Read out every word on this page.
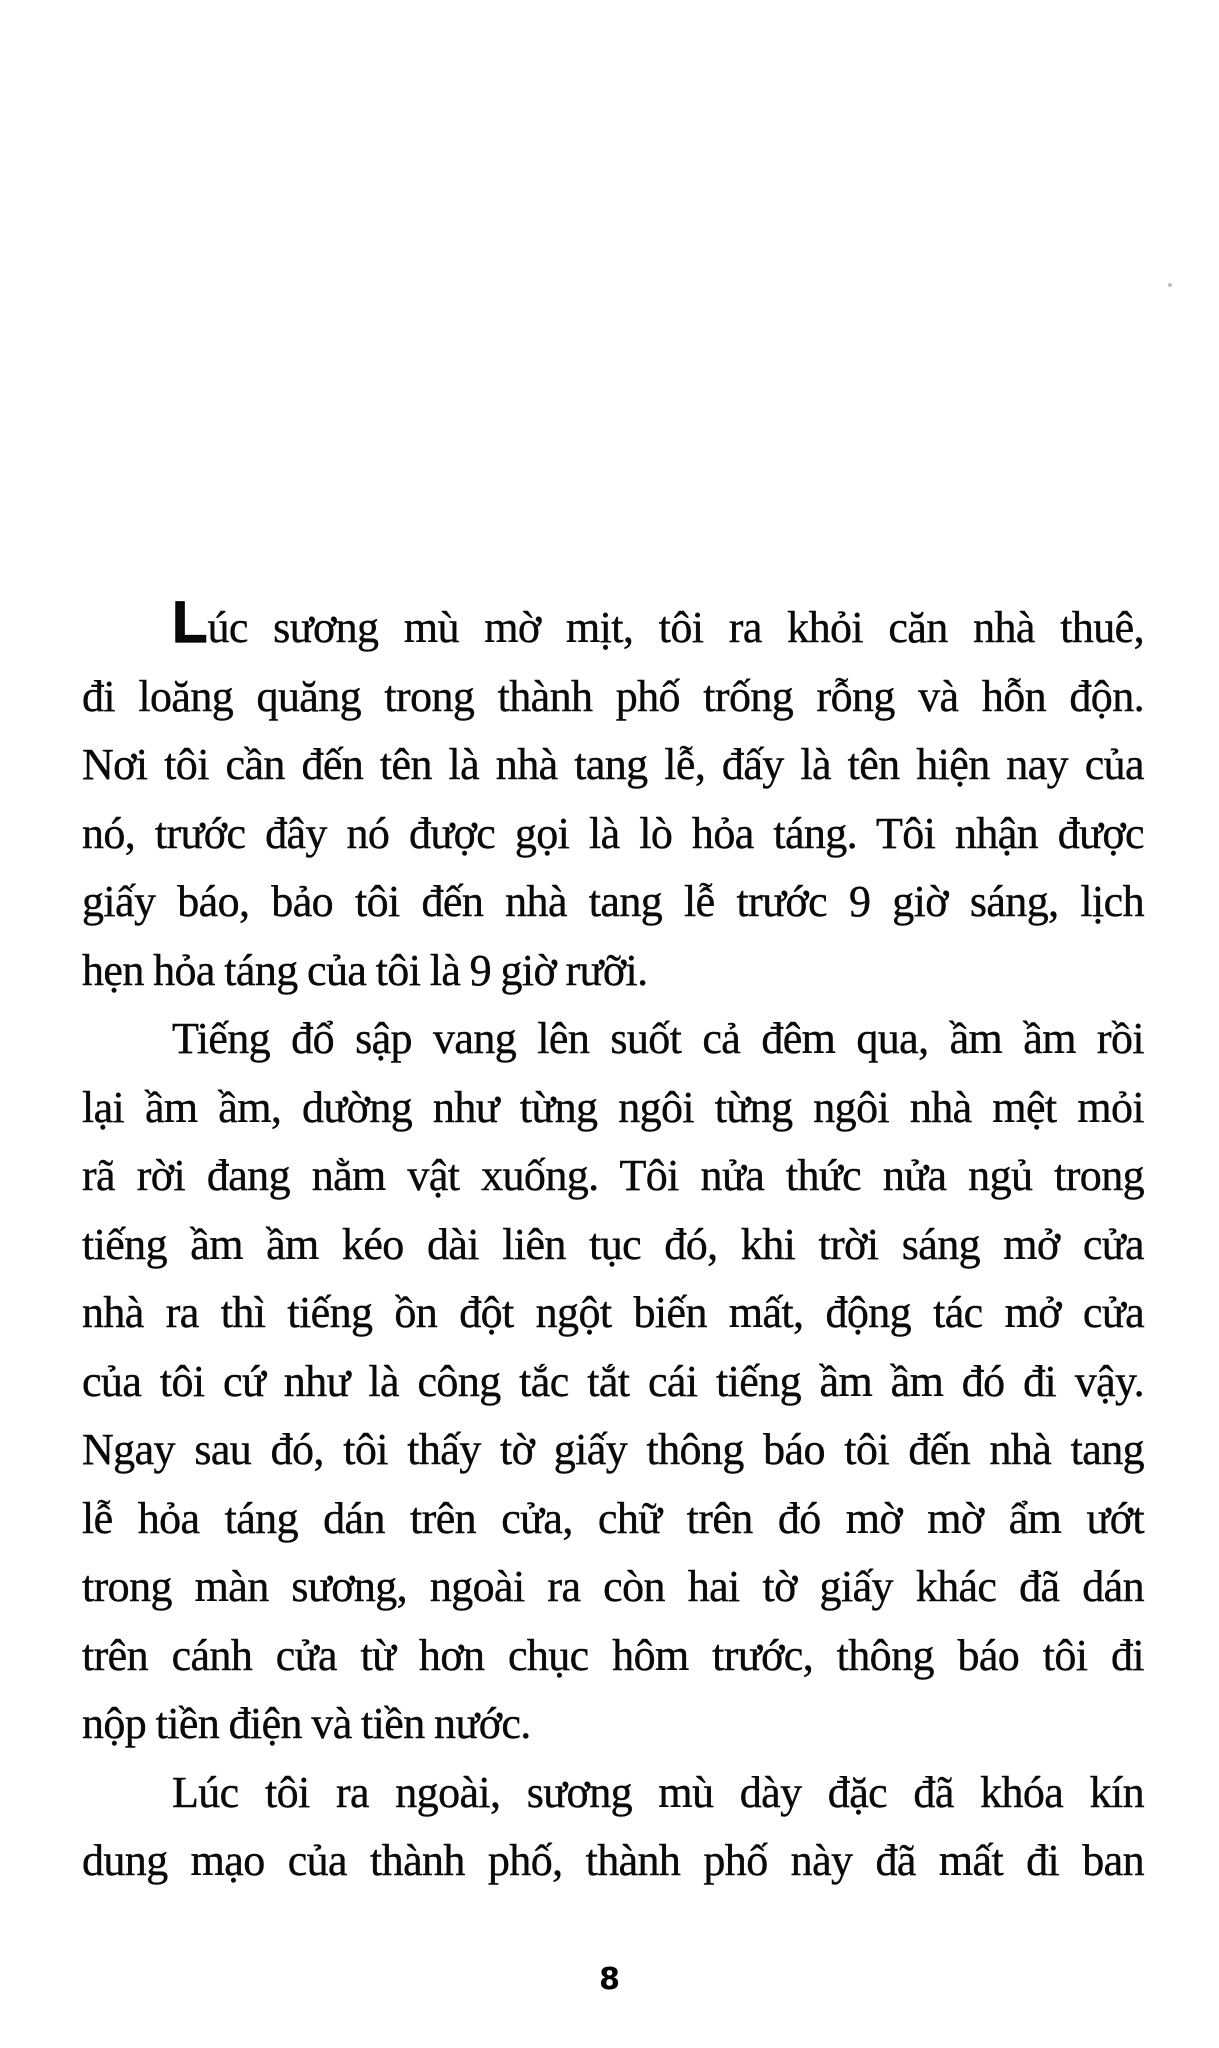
Lúc sương mù mờ mịt, tôi ra khỏi căn nhà thuê,
đi loăng quăng trong thành phố trống rỗng và hỗn độn.
Nơi tôi cần đến tên là nhà tang lễ, đấy là tên hiện nay của
nó, trước đây nó được gọi là lò hỏa táng. Tôi nhận được
giấy báo, bảo tôi đến nhà tang lễ trước 9 giờ sáng, lịch
hẹn hỏa táng của tôi là 9 giờ rưỡi.
Tiếng đổ sập vang lên suốt cả đêm qua, ầm ầm rồi
lại ầm ầm, dường như từng ngôi từng ngôi nhà mệt mỏi
rã rời đang nằm vật xuống. Tôi nửa thức nửa ngủ trong
tiếng ầm ầm kéo dài liên tục đó, khi trời sáng mở cửa
nhà ra thì tiếng ồn đột ngột biến mất, động tác mở cửa
của tôi cứ như là công tắc tắt cái tiếng ầm ầm đó đi vậy.
Ngay sau đó, tôi thấy tờ giấy thông báo tôi đến nhà tang
lễ hỏa táng dán trên cửa, chữ trên đó mờ mờ ẩm ướt
trong màn sương, ngoài ra còn hai tờ giấy khác đã dán
trên cánh cửa từ hơn chục hôm trước, thông báo tôi đi
nộp tiền điện và tiền nước.
Lúc tôi ra ngoài, sương mù dày đặc đã khóa kín
dung mạo của thành phố, thành phố này đã mất đi ban
8
